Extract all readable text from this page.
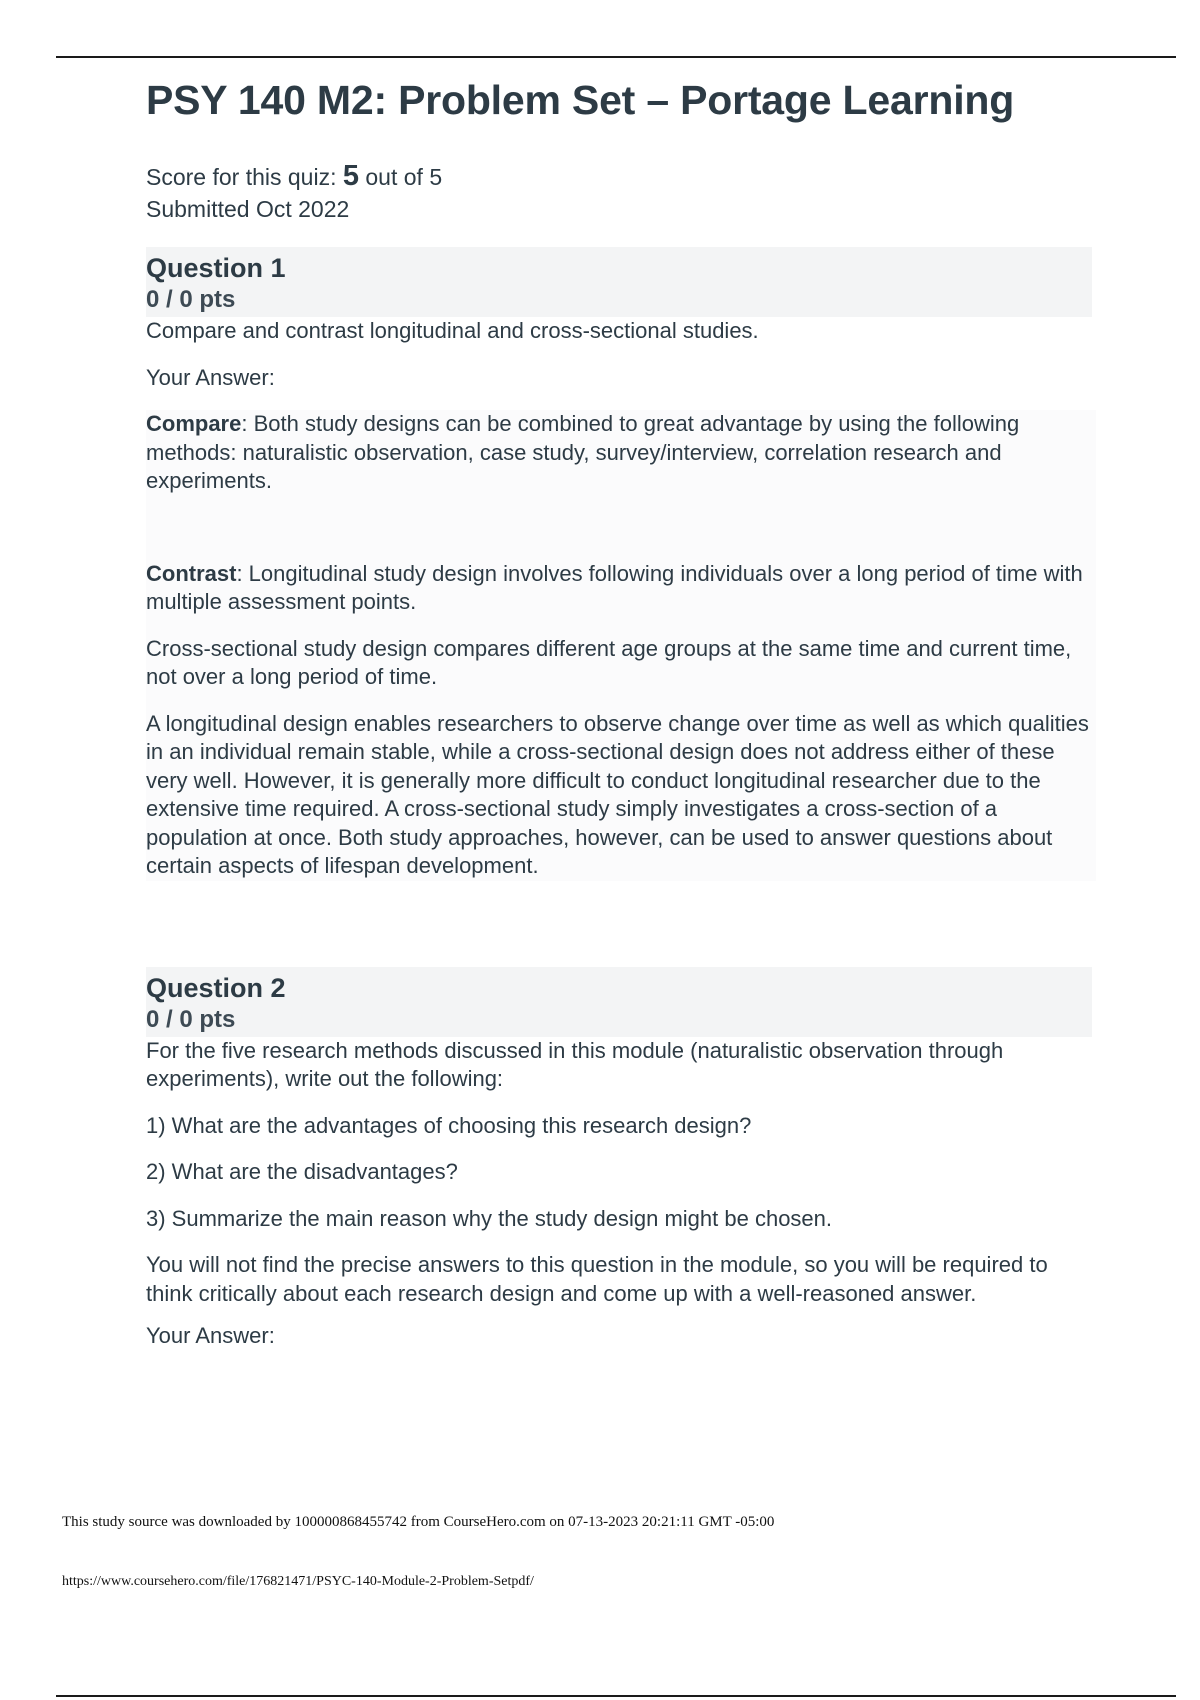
PSY 140 M2: Problem Set – Portage Learning
Score for this quiz: 5 out of 5
Submitted Oct 2022
Question 1
0 / 0 pts

Compare and contrast longitudinal and cross-sectional studies.

Your Answer:

Compare: Both study designs can be combined to great advantage by using the following methods: naturalistic observation, case study, survey/interview, correlation research and experiments.

Contrast: Longitudinal study design involves following individuals over a long period of time with multiple assessment points.

Cross-sectional study design compares different age groups at the same time and current time, not over a long period of time.

A longitudinal design enables researchers to observe change over time as well as which qualities in an individual remain stable, while a cross-sectional design does not address either of these very well. However, it is generally more difficult to conduct longitudinal researcher due to the extensive time required. A cross-sectional study simply investigates a cross-section of a population at once. Both study approaches, however, can be used to answer questions about certain aspects of lifespan development.

Question 2
0 / 0 pts

For the five research methods discussed in this module (naturalistic observation through experiments), write out the following:

1) What are the advantages of choosing this research design?

2) What are the disadvantages?

3) Summarize the main reason why the study design might be chosen.

You will not find the precise answers to this question in the module, so you will be required to think critically about each research design and come up with a well-reasoned answer.

Your Answer:

This study source was downloaded by 100000868455742 from CourseHero.com on 07-13-2023 20:21:11 GMT -05:00
https://www.coursehero.com/file/176821471/PSYC-140-Module-2-Problem-Setpdf/
